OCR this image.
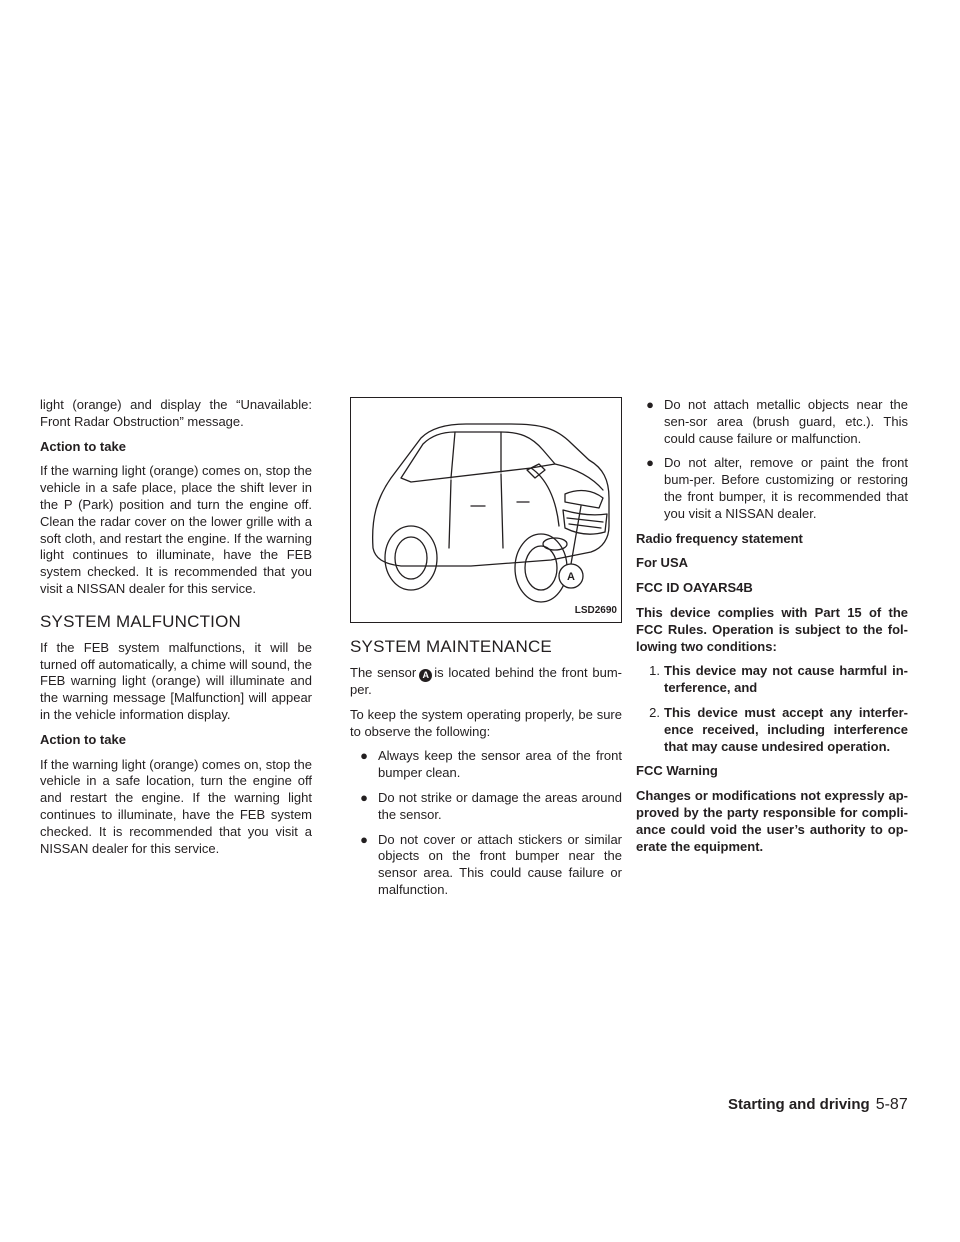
light (orange) and display the “Unavailable: Front Radar Obstruction” message.

Action to take

If the warning light (orange) comes on, stop the vehicle in a safe place, place the shift lever in the P (Park) position and turn the engine off. Clean the radar cover on the lower grille with a soft cloth, and restart the engine. If the warning light continues to illuminate, have the FEB system checked. It is recommended that you visit a NISSAN dealer for this service.

SYSTEM MALFUNCTION

If the FEB system malfunctions, it will be turned off automatically, a chime will sound, the FEB warning light (orange) will illuminate and the warning message [Malfunction] will appear in the vehicle information display.

Action to take

If the warning light (orange) comes on, stop the vehicle in a safe location, turn the engine off and restart the engine. If the warning light continues to illuminate, have the FEB system checked. It is recommended that you visit a NISSAN dealer for this service.

A
LSD2690
SYSTEM MAINTENANCE

The sensor A is located behind the front bum-per.

To keep the system operating properly, be sure to observe the following:

● Always keep the sensor area of the front bumper clean.
● Do not strike or damage the areas around the sensor.
● Do not cover or attach stickers or similar objects on the front bumper near the sensor area. This could cause failure or malfunction.
● Do not attach metallic objects near the sen-sor area (brush guard, etc.). This could cause failure or malfunction.
● Do not alter, remove or paint the front bum-per. Before customizing or restoring the front bumper, it is recommended that you visit a NISSAN dealer.

Radio frequency statement

For USA

FCC ID OAYARS4B

This device complies with Part 15 of the FCC Rules. Operation is subject to the fol-lowing two conditions:

1. This device may not cause harmful in-terference, and
2. This device must accept any interfer-ence received, including interference that may cause undesired operation.

FCC Warning

Changes or modifications not expressly ap-proved by the party responsible for compli-ance could void the user’s authority to op-erate the equipment.

Starting and driving 5-87
